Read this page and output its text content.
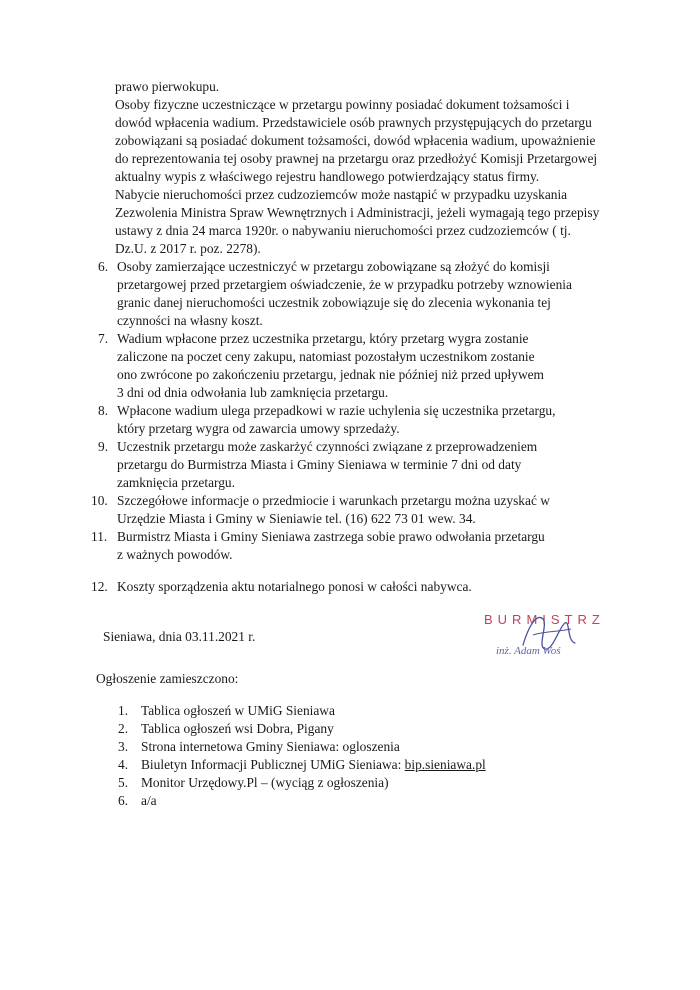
prawo pierwokupu.
Osoby fizyczne uczestniczące w przetargu powinny posiadać dokument tożsamości i
dowód wpłacenia wadium. Przedstawiciele osób prawnych przystępujących do przetargu
zobowiązani są posiadać dokument tożsamości, dowód wpłacenia wadium, upoważnienie
do reprezentowania tej osoby prawnej na przetargu oraz przedłożyć Komisji Przetargowej
aktualny wypis z właściwego rejestru handlowego potwierdzający status firmy.
Nabycie nieruchomości przez cudzoziemców może nastąpić w przypadku uzyskania
Zezwolenia Ministra Spraw Wewnętrznych i Administracji, jeżeli wymagają tego przepisy
ustawy z dnia 24 marca 1920r. o nabywaniu nieruchomości przez cudzoziemców ( tj.
Dz.U. z 2017 r. poz. 2278).
6. Osoby zamierzające uczestniczyć w przetargu zobowiązane są złożyć do komisji
przetargowej przed przetargiem oświadczenie, że w przypadku potrzeby wznowienia
granic danej nieruchomości uczestnik zobowiązuje się do zlecenia wykonania tej
czynności na własny koszt.
7. Wadium wpłacone przez uczestnika przetargu, który przetarg wygra zostanie
zaliczone na poczet ceny zakupu, natomiast pozostałym uczestnikom zostanie
ono zwrócone po zakończeniu przetargu, jednak nie później niż przed upływem
3 dni od dnia odwołania lub zamknięcia przetargu.
8. Wpłacone wadium ulega przepadkowi w razie uchylenia się uczestnika przetargu,
który przetarg wygra od zawarcia umowy sprzedaży.
9. Uczestnik przetargu może zaskarżyć czynności związane z przeprowadzeniem
przetargu do Burmistrza Miasta i Gminy Sieniawa w terminie 7 dni od daty
zamknięcia przetargu.
10. Szczegółowe informacje o przedmiocie i warunkach przetargu można uzyskać w
Urzędzie Miasta i Gminy w Sieniawie tel. (16) 622 73 01 wew. 34.
11. Burmistrz Miasta i Gminy Sieniawa zastrzega sobie prawo odwołania przetargu
z ważnych powodów.
12. Koszty sporządzenia aktu notarialnego ponosi w całości nabywca.
Sieniawa, dnia 03.11.2021 r.
BURMISTRZ
inż. Adam Woś
Ogłoszenie zamieszczono:
1. Tablica ogłoszeń w UMiG Sieniawa
2. Tablica ogłoszeń wsi Dobra, Pigany
3. Strona internetowa Gminy Sieniawa: ogloszenia
4. Biuletyn Informacji Publicznej UMiG Sieniawa: bip.sieniawa.pl
5. Monitor Urzędowy.Pl – (wyciąg z ogłoszenia)
6. a/a
